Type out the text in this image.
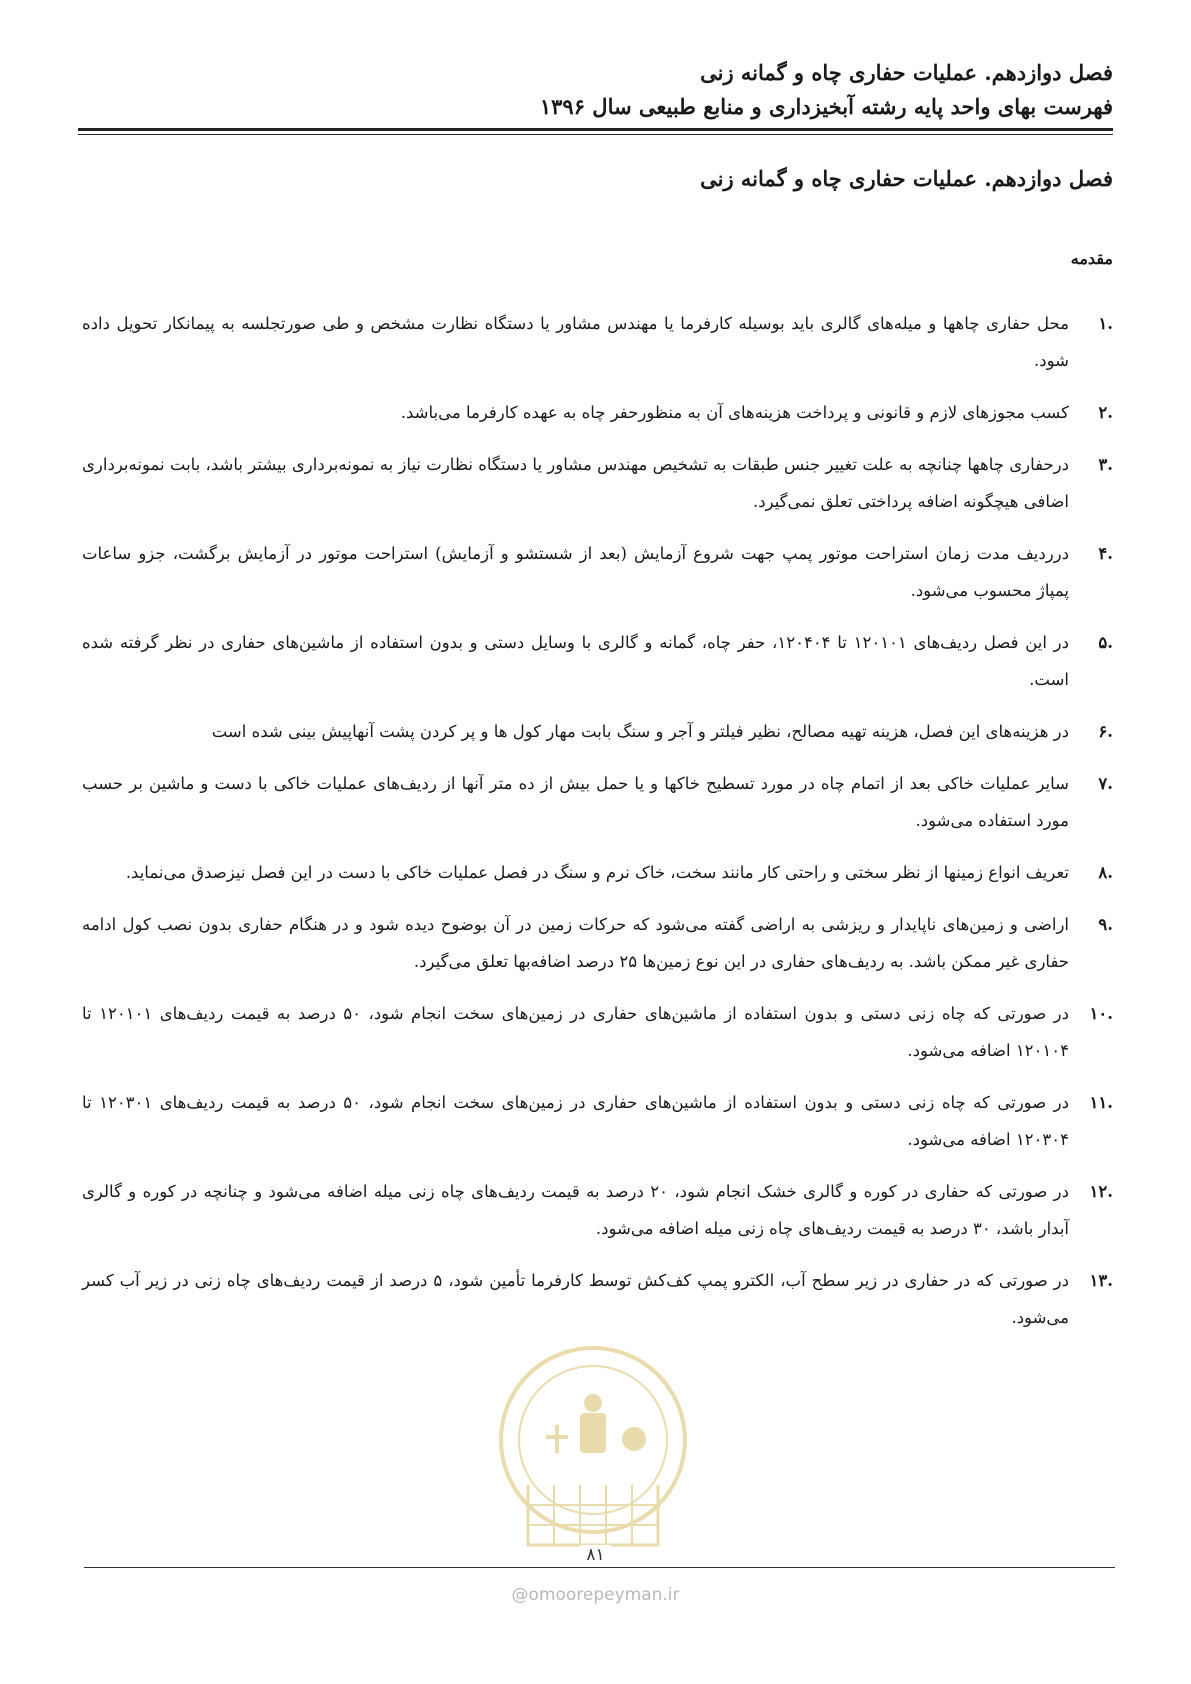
فصل دوازدهم. عملیات حفاری چاه و گمانه زنی
فهرست بهای واحد پایه رشته آبخیزداری و منابع طبیعی سال ۱۳۹۶
فصل دوازدهم. عملیات حفاری چاه و گمانه زنی
مقدمه
.۱
محل حفاری چاهها و میله‌های گالری باید بوسیله کارفرما یا مهندس مشاور یا دستگاه نظارت مشخص و طی صورتجلسه به پیمانکار تحویل داده شود.
.۲
کسب مجوزهای لازم و قانونی و پرداخت هزینه‌های آن به منظورحفر چاه به عهده کارفرما می‌باشد.
.۳
درحفاری چاهها چنانچه به علت تغییر جنس طبقات به تشخیص مهندس مشاور یا دستگاه نظارت نیاز به نمونه‌برداری بیشتر باشد، بابت نمونه‌برداری اضافی هیچگونه اضافه پرداختی تعلق نمی‌گیرد.
.۴
درردیف مدت زمان استراحت موتور پمپ جهت شروع آزمایش (بعد از شستشو و آزمایش) استراحت موتور در آزمایش برگشت، جزو ساعات پمپاژ محسوب می‌شود.
.۵
در این فصل ردیف‌های ۱۲۰۱۰۱ تا ۱۲۰۴۰۴، حفر چاه، گمانه و گالری با وسایل دستی و بدون استفاده از ماشین‌های حفاری در نظر گرفته شده است.
.۶
در هزینه‌های این فصل، هزینه تهیه مصالح، نظیر فیلتر و آجر و سنگ بابت مهار کول ها و پر کردن پشت آنهاپیش بینی شده است
.۷
سایر عملیات خاکی بعد از اتمام چاه در مورد تسطیح خاکها و یا حمل بیش از ده متر آنها از ردیف‌های عملیات خاکی با دست و ماشین بر حسب مورد استفاده می‌شود.
.۸
تعریف انواع زمینها از نظر سختی و راحتی کار مانند سخت، خاک نرم و سنگ در فصل عملیات خاکی با دست در این فصل نیزصدق می‌نماید.
.۹
اراضی و زمین‌های ناپایدار و ریزشی به اراضی گفته می‌شود که حرکات زمین در آن بوضوح دیده شود و در هنگام حفاری بدون نصب کول ادامه حفاری غیر ممکن باشد. به ردیف‌های حفاری در این نوع زمین‌ها ۲۵ درصد اضافه‌بها تعلق می‌گیرد.
.۱۰
در صورتی که چاه زنی دستی و بدون استفاده از ماشین‌های حفاری در زمین‌های سخت انجام شود، ۵۰ درصد به قیمت ردیف‌های ۱۲۰۱۰۱ تا ۱۲۰۱۰۴ اضافه می‌شود.
.۱۱
در صورتی که چاه زنی دستی و بدون استفاده از ماشین‌های حفاری در زمین‌های سخت انجام شود، ۵۰ درصد به قیمت ردیف‌های ۱۲۰۳۰۱ تا ۱۲۰۳۰۴ اضافه می‌شود.
.۱۲
در صورتی که حفاری در کوره و گالری خشک انجام شود، ۲۰ درصد به قیمت ردیف‌های چاه زنی میله اضافه می‌شود و چنانچه در کوره و گالری آبدار باشد، ۳۰ درصد به قیمت ردیف‌های چاه زنی میله اضافه می‌شود.
.۱۳
در صورتی که در حفاری در زیر سطح آب، الکترو پمپ کف‌کش توسط کارفرما تأمین شود، ۵ درصد از قیمت ردیف‌های چاه زنی در زیر آب کسر می‌شود.
۸۱
@omoorepeyman.ir
